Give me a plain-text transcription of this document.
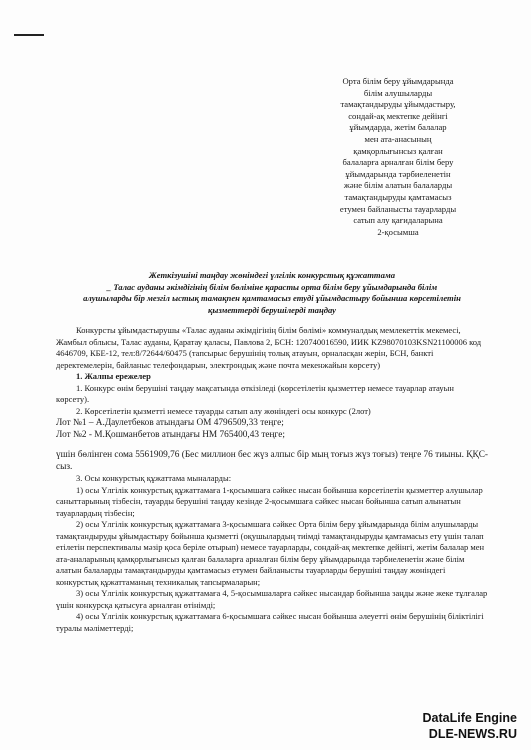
Орта білім беру ұйымдарында
білім алушыларды
тамақтандыруды ұйымдастыру,
сондай-ақ мектепке дейінгі
ұйымдарда, жетім балалар
мен ата-анасының
қамқорлығынсыз қалған
балаларға арналған білім беру
ұйымдарында тәрбиеленетін
және білім алатын балаларды
тамақтандыруды қамтамасыз
етумен байланысты тауарларды
сатып алу қағидаларына
2-қосымша
Жеткізушіні таңдау жөніндегі үлгілік конкурстық құжаттама
_ Талас ауданы әкімдігінің білім бөлімінe қарасты орта білім беру ұйымдарында білім
алушыларды бір мезгіл ыстық тамақпен қамтамасыз етуді ұйымдастыру бойынша көрсетілетін
қызметтерді берушілерді таңдау

Конкурсты ұйымдастырушы «Талас ауданы әкімдігінің білім бөлімі» коммуналдық мемлекеттік мекемесі, Жамбыл облысы, Талас ауданы, Қаратау қаласы, Павлова 2, БСН: 120740016590, ИИК KZ98070103KSN21100006 код 4646709, КБЕ-12, тел:8/72644/60475 (тапсырыс берушінің толық атауын, орналасқан жерін, БСН, банкті деректемелерін, байланыс телефондарын, электрондық және почта мекенжайын көрсету)

1. Жалпы ережелер

1. Конкурс өнім берушіні таңдау мақсатында өткізіледі (көрсетілетін қызметтер немесе тауарлар атауын көрсету).

2. Көрсетілетін қызметті немесе тауарды сатып алу жөніндегі осы конкурс (2лот)

Лот №1 – А.Даулетбеков атындағы ОМ 4796509,33 теңге;

Лот №2 - М.Қошманбетов атындағы НМ 765400,43 теңге;

үшін бөлінген сома 5561909,76 (Бес миллион бес жүз алпыс бір мың тоғыз жүз тоғыз) теңге 76 тиыны. ҚҚС-сыз.

3. Осы конкурстық құжаттама мыналарды:

1) осы Үлгілік конкурстық құжаттамаға 1-қосымшаға сәйкес нысан бойынша көрсетілетін қызметтер алушылар саныттарының тізбесін, тауарды берушіні таңдау кезінде 2-қосымшаға сәйкес нысан бойынша сатып алынатын тауарлардың тізбесін;

2) осы Үлгілік конкурстық құжаттамаға 3-қосымшаға сәйкес Орта білім беру ұйымдарында білім алушыларды тамақтандыруды ұйымдастыру бойынша қызметті (оқушылардың тиімді тамақтандыруды қамтамасыз ету үшін талап етілетін перспективалы мәзір қоса беріле отырып) немесе тауарларды, сондай-ақ мектепке дейінгі, жетім балалар мен ата-аналарының қамқорлығынсыз қалған балаларға арналған білім беру ұйымдарында тәрбиеленетін және білім алатын балаларды тамақтандыруды қамтамасыз етумен байланысты тауарларды берушіні таңдау жөніндегі конкурстық құжаттаманың техникалық тапсырмаларын;

3) осы Үлгілік конкурстық құжаттамаға 4, 5-қосымшаларға сәйкес нысандар бойынша заңды және жеке тұлғалар үшін конкурсқа қатысуға арналған өтінімді;

4) осы Үлгілік конкурстық құжаттамаға 6-қосымшаға сәйкес нысан бойынша әлеуетті өнім берушінің біліктілігі туралы мәліметтерді;

DataLife Engine
DLE-NEWS.RU
